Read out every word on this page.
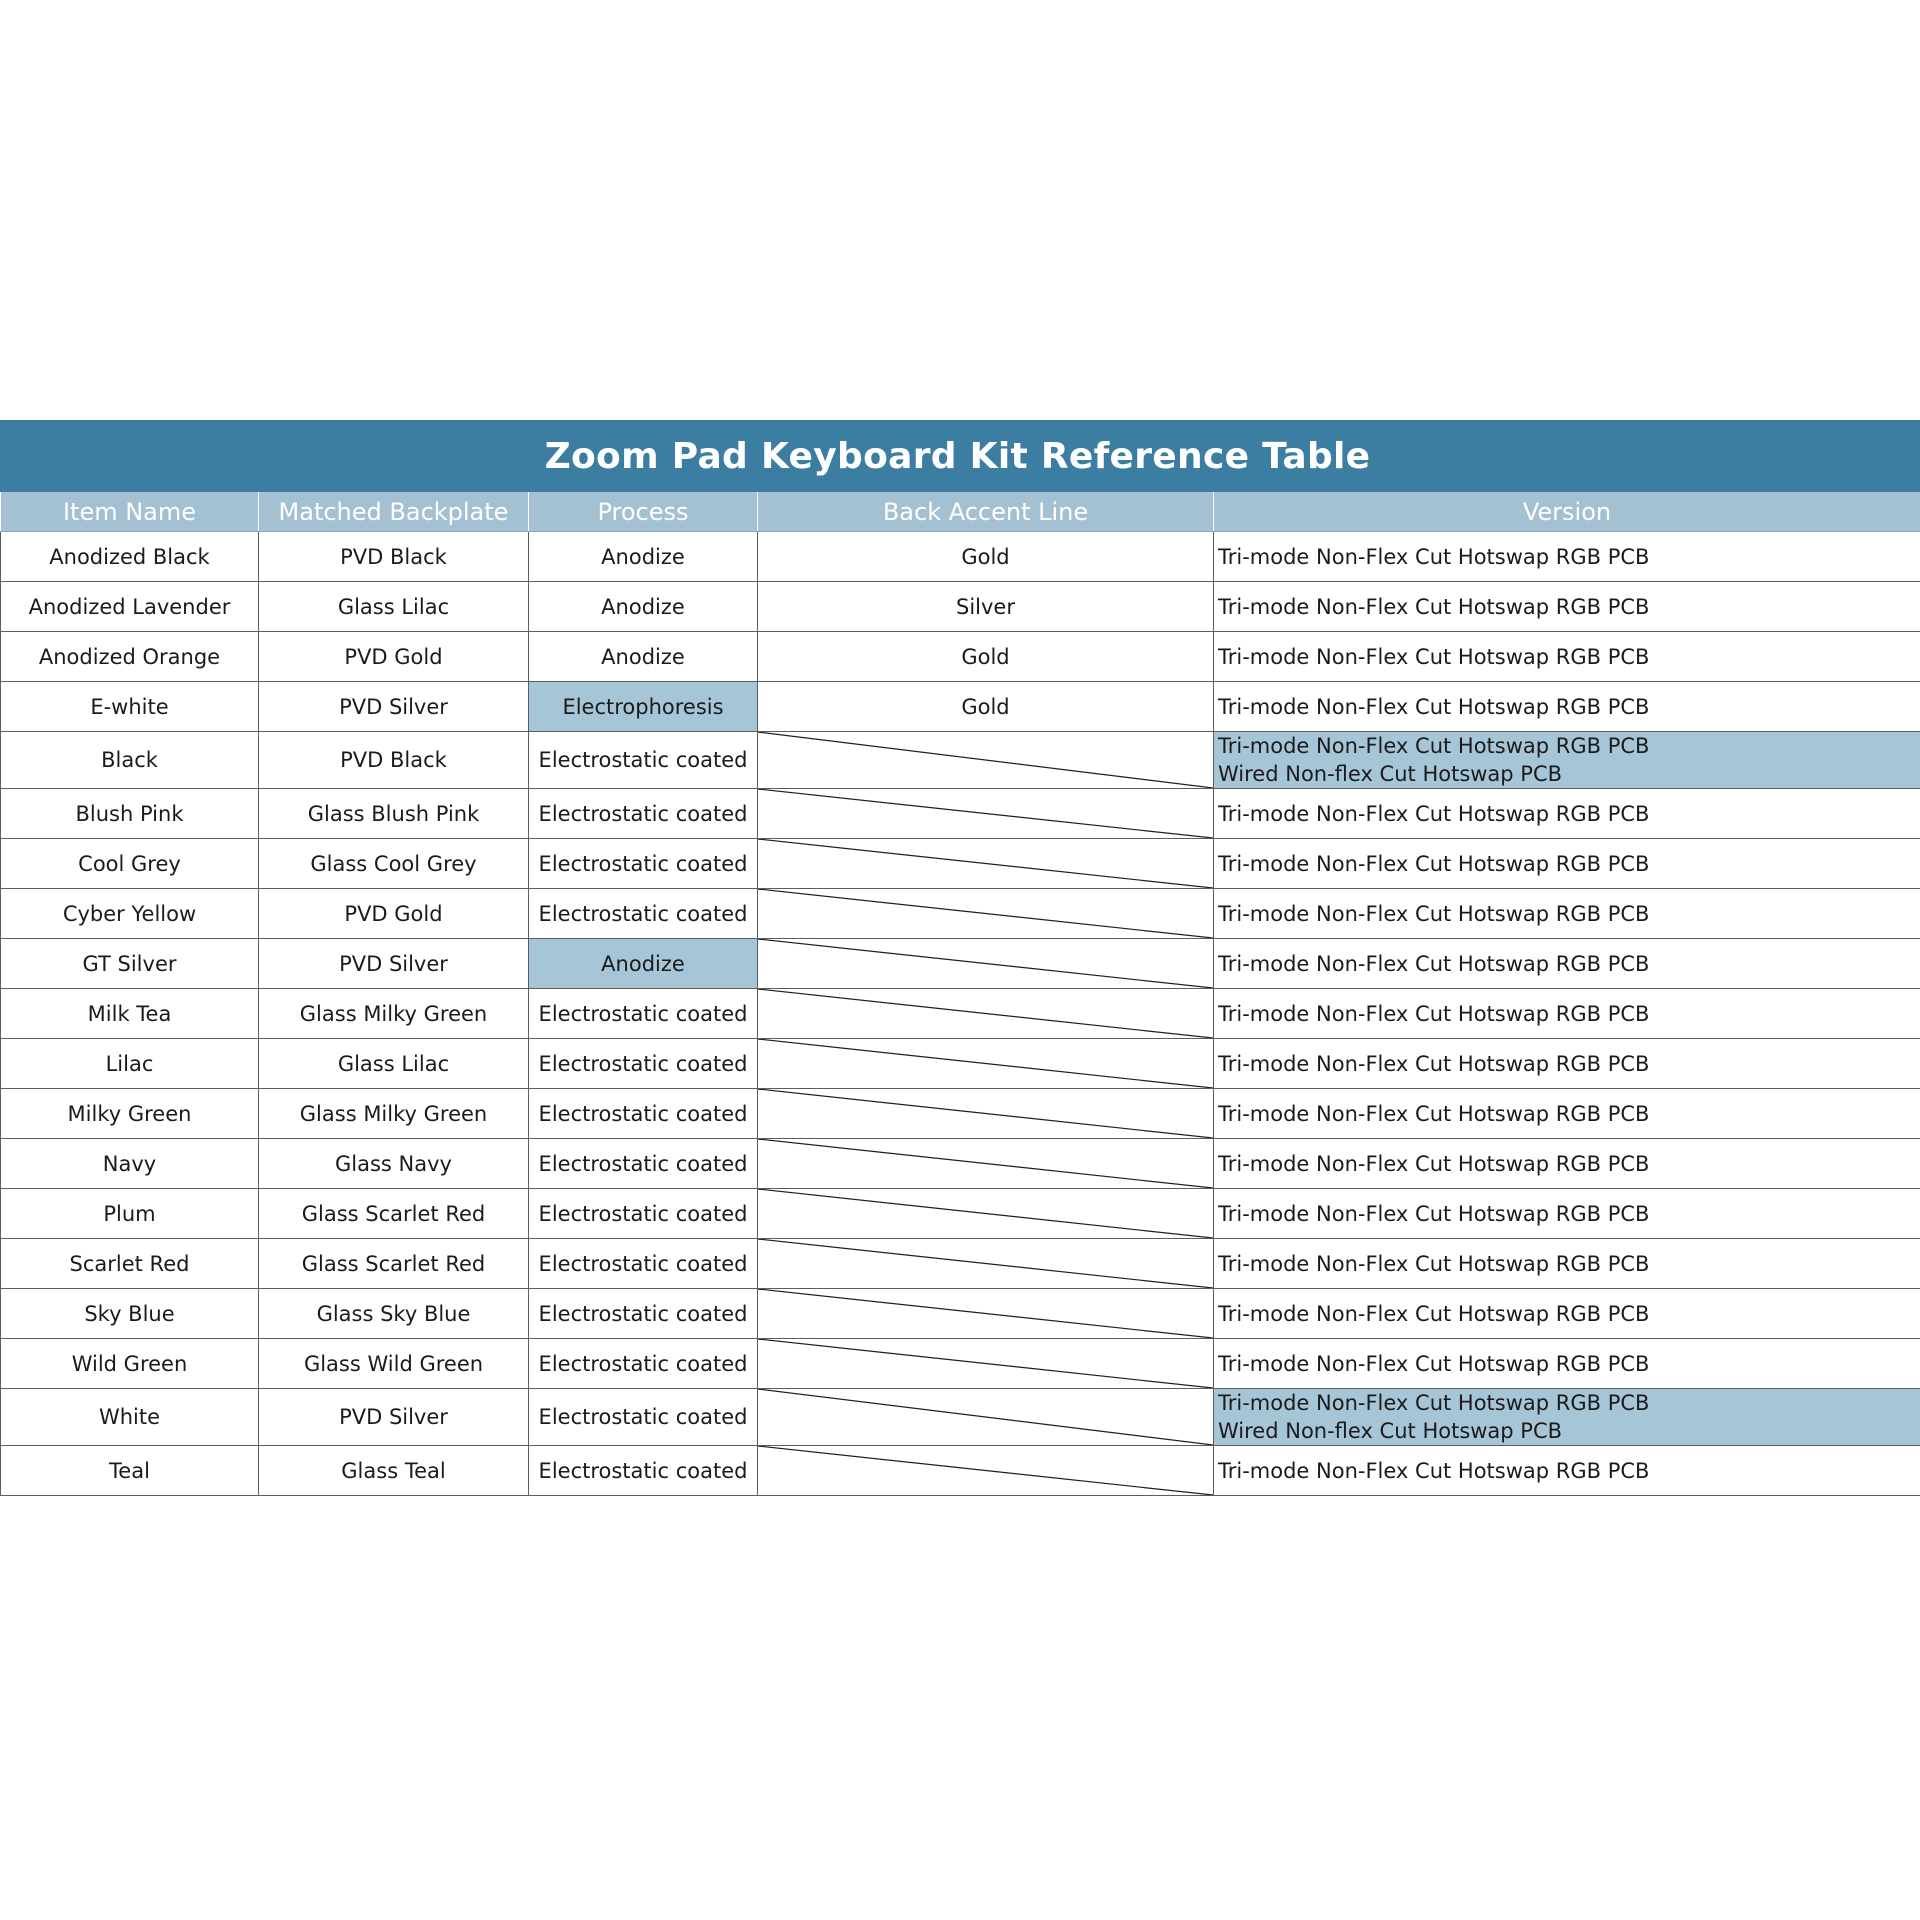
Zoom Pad Keyboard Kit Reference Table
Item Name	Matched Backplate	Process	Back Accent Line	Version
Anodized Black	PVD Black	Anodize	Gold	Tri-mode Non-Flex Cut Hotswap RGB PCB

Anodized Lavender	Glass Lilac	Anodize	Silver	Tri-mode Non-Flex Cut Hotswap RGB PCB

Anodized Orange	PVD Gold	Anodize	Gold	Tri-mode Non-Flex Cut Hotswap RGB PCB

E-white	PVD Silver	Electrophoresis	Gold	Tri-mode Non-Flex Cut Hotswap RGB PCB

Black	PVD Black	Electrostatic coated		Tri-mode Non-Flex Cut Hotswap RGB PCB
Wired Non-flex Cut Hotswap PCB

Blush Pink	Glass Blush Pink	Electrostatic coated		Tri-mode Non-Flex Cut Hotswap RGB PCB

Cool Grey	Glass Cool Grey	Electrostatic coated		Tri-mode Non-Flex Cut Hotswap RGB PCB

Cyber Yellow	PVD Gold	Electrostatic coated		Tri-mode Non-Flex Cut Hotswap RGB PCB

GT Silver	PVD Silver	Anodize		Tri-mode Non-Flex Cut Hotswap RGB PCB

Milk Tea	Glass Milky Green	Electrostatic coated		Tri-mode Non-Flex Cut Hotswap RGB PCB

Lilac	Glass Lilac	Electrostatic coated		Tri-mode Non-Flex Cut Hotswap RGB PCB

Milky Green	Glass Milky Green	Electrostatic coated		Tri-mode Non-Flex Cut Hotswap RGB PCB

Navy	Glass Navy	Electrostatic coated		Tri-mode Non-Flex Cut Hotswap RGB PCB

Plum	Glass Scarlet Red	Electrostatic coated		Tri-mode Non-Flex Cut Hotswap RGB PCB

Scarlet Red	Glass Scarlet Red	Electrostatic coated		Tri-mode Non-Flex Cut Hotswap RGB PCB

Sky Blue	Glass Sky Blue	Electrostatic coated		Tri-mode Non-Flex Cut Hotswap RGB PCB

Wild Green	Glass Wild Green	Electrostatic coated		Tri-mode Non-Flex Cut Hotswap RGB PCB

White	PVD Silver	Electrostatic coated		Tri-mode Non-Flex Cut Hotswap RGB PCB
Wired Non-flex Cut Hotswap PCB

Teal	Glass Teal	Electrostatic coated		Tri-mode Non-Flex Cut Hotswap RGB PCB
